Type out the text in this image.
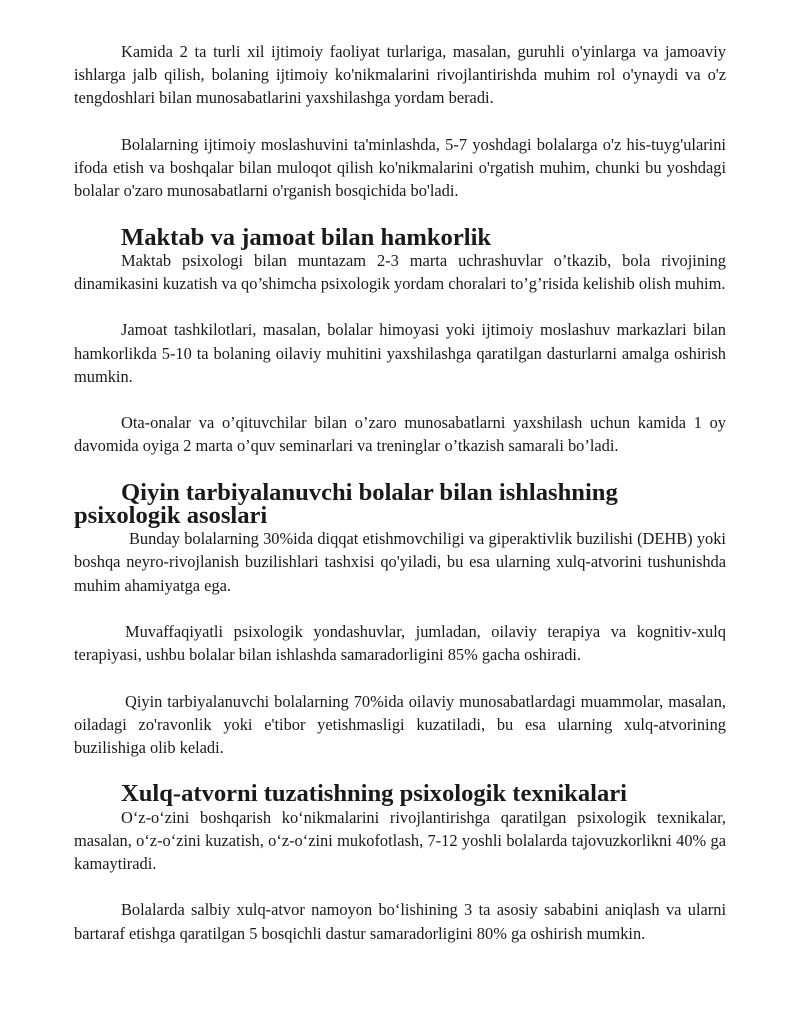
Kamida 2 ta turli xil ijtimoiy faoliyat turlariga, masalan, guruhli o'yinlarga va jamoaviy ishlarga jalb qilish, bolaning ijtimoiy ko'nikmalarini rivojlantirishda muhim rol o'ynaydi va o'z tengdoshlari bilan munosabatlarini yaxshilashga yordam beradi.

Bolalarning ijtimoiy moslashuvini ta'minlashda, 5-7 yoshdagi bolalarga o'z his-tuyg'ularini ifoda etish va boshqalar bilan muloqot qilish ko'nikmalarini o'rgatish muhim, chunki bu yoshdagi bolalar o'zaro munosabatlarni o'rganish bosqichida bo'ladi.

Maktab va jamoat bilan hamkorlik

Maktab psixologi bilan muntazam 2-3 marta uchrashuvlar o’tkazib, bola rivojining dinamikasini kuzatish va qo’shimcha psixologik yordam choralari to’g’risida kelishib olish muhim.

Jamoat tashkilotlari, masalan, bolalar himoyasi yoki ijtimoiy moslashuv markazlari bilan hamkorlikda 5-10 ta bolaning oilaviy muhitini yaxshilashga qaratilgan dasturlarni amalga oshirish mumkin.

Ota-onalar va o’qituvchilar bilan o’zaro munosabatlarni yaxshilash uchun kamida 1 oy davomida oyiga 2 marta o’quv seminarlari va treninglar o’tkazish samarali bo’ladi.

Qiyin tarbiyalanuvchi bolalar bilan ishlashning psixologik asoslari

Bunday bolalarning 30%ida diqqat etishmovchiligi va giperaktivlik buzilishi (DEHB) yoki boshqa neyro-rivojlanish buzilishlari tashxisi qo'yiladi, bu esa ularning xulq-atvorini tushunishda muhim ahamiyatga ega.

Muvaffaqiyatli psixologik yondashuvlar, jumladan, oilaviy terapiya va kognitiv-xulq terapiyasi, ushbu bolalar bilan ishlashda samaradorligini 85% gacha oshiradi.

Qiyin tarbiyalanuvchi bolalarning 70%ida oilaviy munosabatlardagi muammolar, masalan, oiladagi zo'ravonlik yoki e'tibor yetishmasligi kuzatiladi, bu esa ularning xulq-atvorining buzilishiga olib keladi.

Xulq-atvorni tuzatishning psixologik texnikalari

O‘z-o‘zini boshqarish ko‘nikmalarini rivojlantirishga qaratilgan psixologik texnikalar, masalan, o‘z-o‘zini kuzatish, o‘z-o‘zini mukofotlash, 7-12 yoshli bolalarda tajovuzkorlikni 40% ga kamaytiradi.

Bolalarda salbiy xulq-atvor namoyon bo‘lishining 3 ta asosiy sababini aniqlash va ularni bartaraf etishga qaratilgan 5 bosqichli dastur samaradorligini 80% ga oshirish mumkin.
